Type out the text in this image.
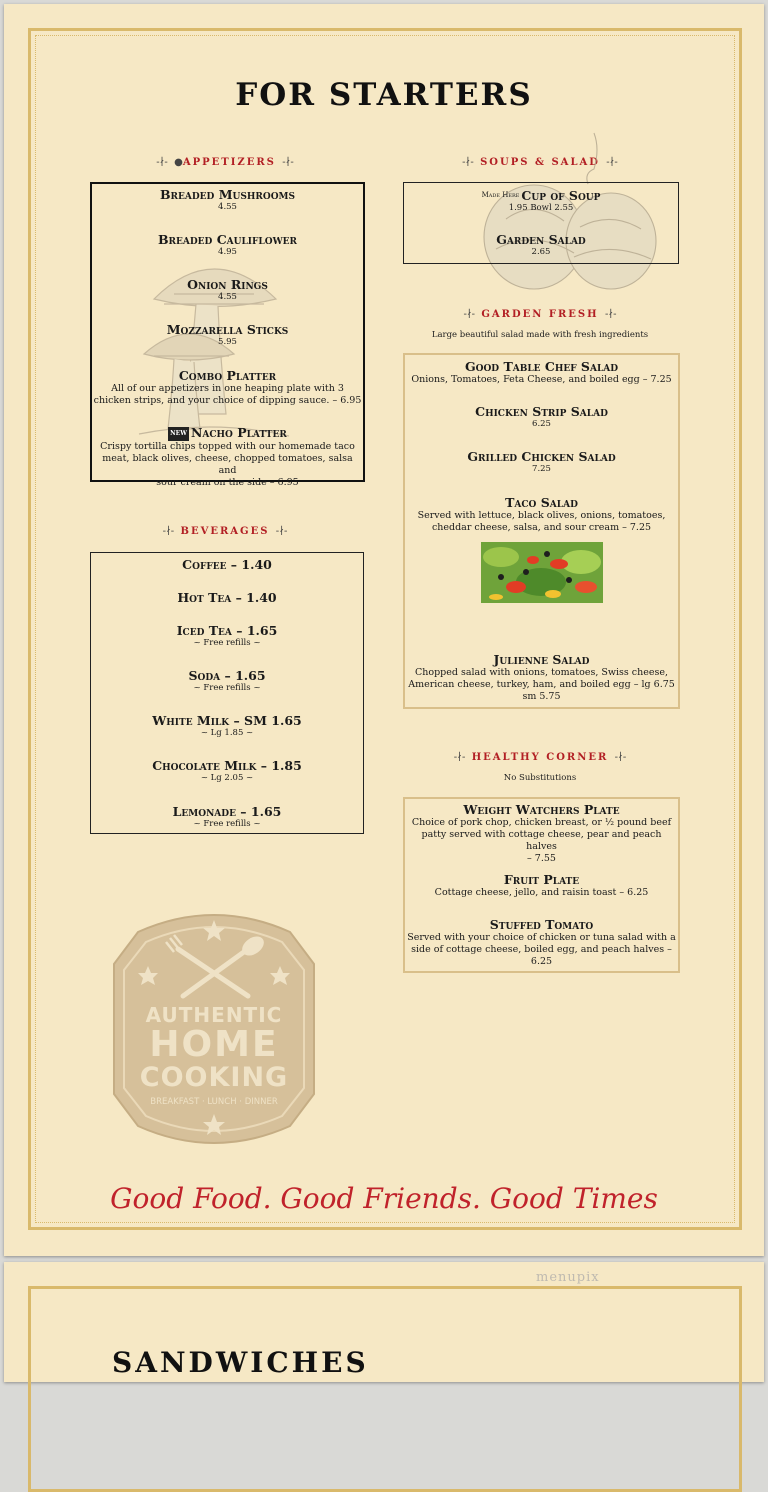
FOR STARTERS
-∤-  ●APPETIZERS  -∤-
Breaded Mushrooms
4.55
Breaded Cauliflower
4.95
Onion Rings
4.55
Mozzarella Sticks
5.95
Combo Platter
All of our appetizers in one heaping plate with 3
chicken strips, and your choice of dipping sauce. – 6.95
NEW Nacho Platter
Crispy tortilla chips topped with our homemade taco
meat, black olives, cheese, chopped tomatoes, salsa and
sour cream on the side – 6.95
-∤-  SOUPS & SALAD  -∤-
$^{Made Here}$ Cup of Soup
1.95 Bowl 2.55
Garden Salad
2.65
-∤-  GARDEN FRESH  -∤-
Large beautiful salad made with fresh ingredients
Good Table Chef Salad
Onions, Tomatoes, Feta Cheese, and boiled egg – 7.25
Chicken Strip Salad
6.25
Grilled Chicken Salad
7.25
Taco Salad
Served with lettuce, black olives, onions, tomatoes,
cheddar cheese, salsa, and sour cream – 7.25
Julienne Salad
Chopped salad with onions, tomatoes, Swiss cheese,
American cheese, turkey, ham, and boiled egg – lg 6.75
sm 5.75
-∤-  BEVERAGES  -∤-
Coffee – 1.40
Hot Tea – 1.40
Iced Tea – 1.65
~ Free refills ~
Soda – 1.65
~ Free refills ~
White Milk – SM 1.65
~ Lg 1.85 ~
Chocolate Milk – 1.85
~ Lg 2.05 ~
Lemonade – 1.65
~ Free refills ~
-∤-  HEALTHY CORNER  -∤-
No Substitutions
Weight Watchers Plate
Choice of pork chop, chicken breast, or ½ pound beef
patty served with cottage cheese, pear and peach halves
– 7.55
Fruit Plate
Cottage cheese, jello, and raisin toast – 6.25
Stuffed Tomato
Served with your choice of chicken or tuna salad with a
side of cottage cheese, boiled egg, and peach halves –
6.25
AUTHENTIC
HOME
COOKING
BREAKFAST · LUNCH · DINNER
Good Food. Good Friends. Good Times
SANDWICHES
menupix
